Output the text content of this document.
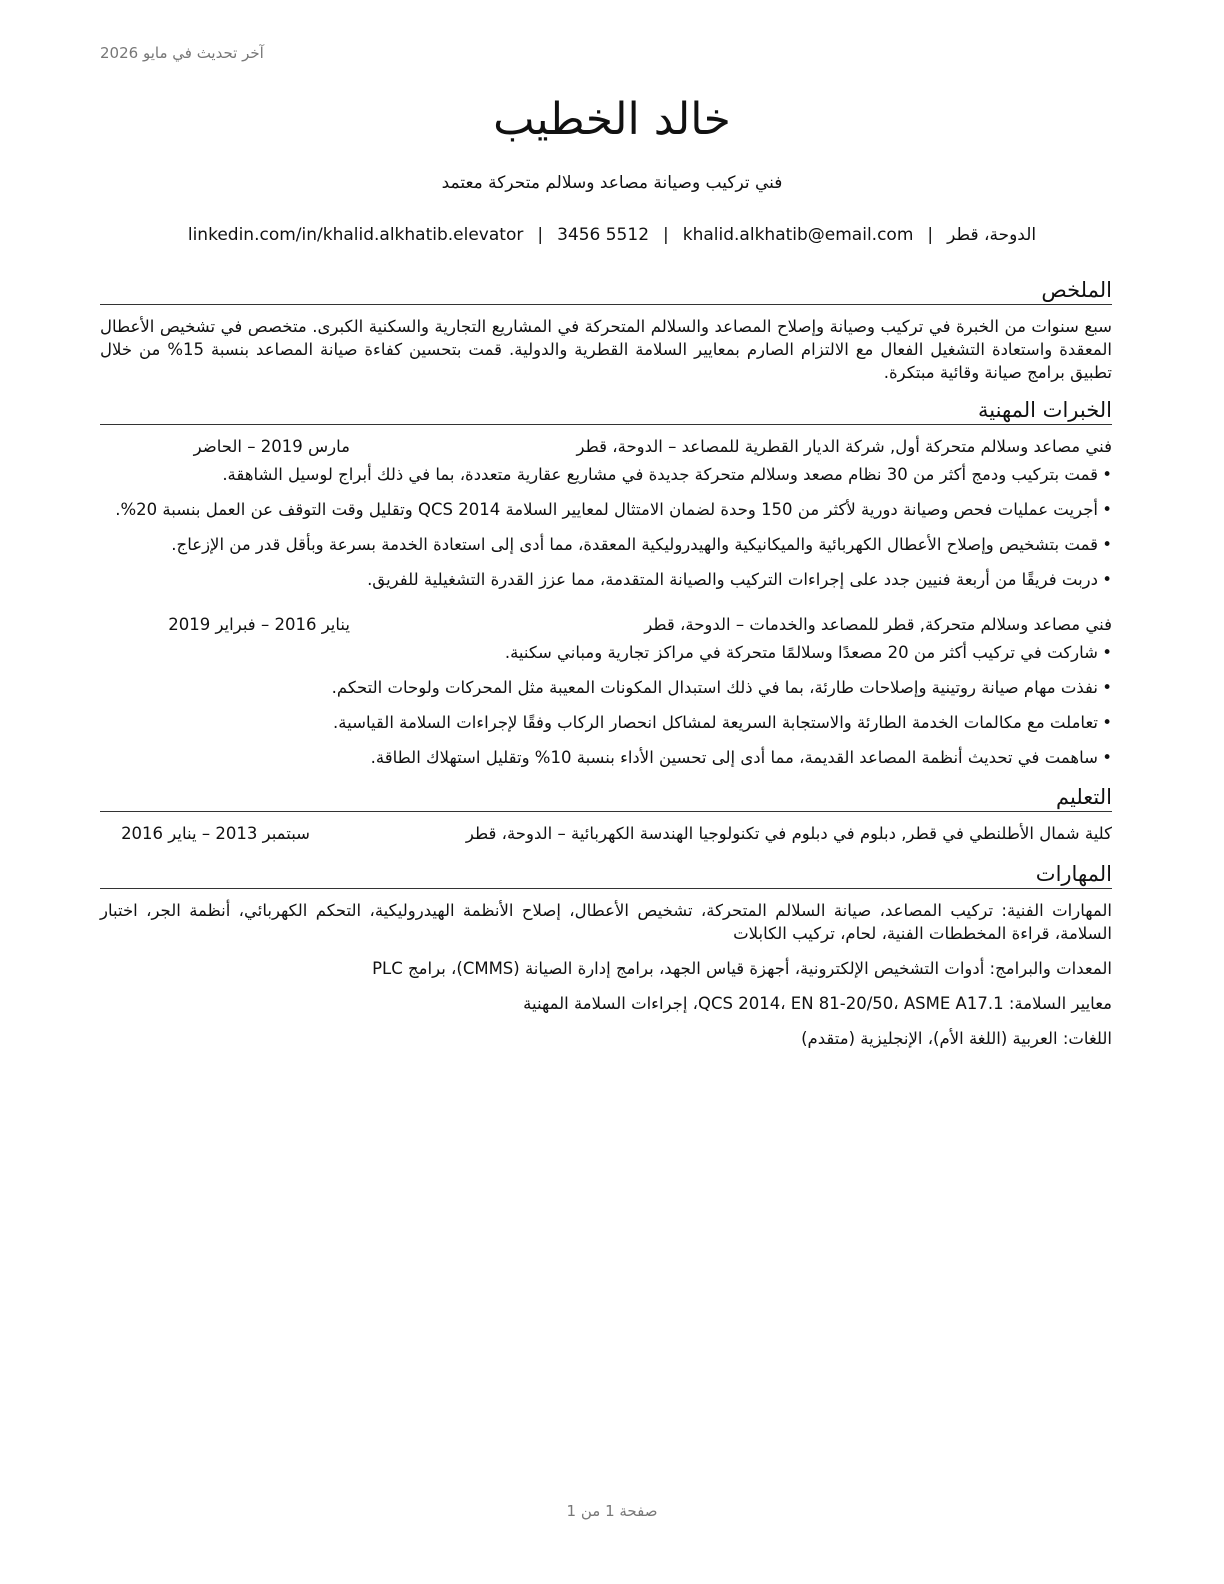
آخر تحديث في مايو 2026
خالد الخطيب
فني تركيب وصيانة مصاعد وسلالم متحركة معتمد
الدوحة، قطر|khalid.alkhatib@email.com|3456 5512|linkedin.com/in/khalid.alkhatib.elevator
الملخص

سبع سنوات من الخبرة في تركيب وصيانة وإصلاح المصاعد والسلالم المتحركة في المشاريع التجارية والسكنية الكبرى. متخصص في تشخيص الأعطال المعقدة واستعادة التشغيل الفعال مع الالتزام الصارم بمعايير السلامة القطرية والدولية. قمت بتحسين كفاءة صيانة المصاعد بنسبة 15% من خلال تطبيق برامج صيانة وقائية مبتكرة.

الخبرات المهنية
فني مصاعد وسلالم متحركة أول, شركة الديار القطرية للمصاعد – الدوحة، قطر
مارس 2019 – الحاضر
• قمت بتركيب ودمج أكثر من 30 نظام مصعد وسلالم متحركة جديدة في مشاريع عقارية متعددة، بما في ذلك أبراج لوسيل الشاهقة.
• أجريت عمليات فحص وصيانة دورية لأكثر من 150 وحدة لضمان الامتثال لمعايير السلامة QCS 2014 وتقليل وقت التوقف عن العمل بنسبة 20%.
• قمت بتشخيص وإصلاح الأعطال الكهربائية والميكانيكية والهيدروليكية المعقدة، مما أدى إلى استعادة الخدمة بسرعة وبأقل قدر من الإزعاج.
• دربت فريقًا من أربعة فنيين جدد على إجراءات التركيب والصيانة المتقدمة، مما عزز القدرة التشغيلية للفريق.
فني مصاعد وسلالم متحركة, قطر للمصاعد والخدمات – الدوحة، قطر
يناير 2016 – فبراير 2019
• شاركت في تركيب أكثر من 20 مصعدًا وسلالمًا متحركة في مراكز تجارية ومباني سكنية.
• نفذت مهام صيانة روتينية وإصلاحات طارئة، بما في ذلك استبدال المكونات المعيبة مثل المحركات ولوحات التحكم.
• تعاملت مع مكالمات الخدمة الطارئة والاستجابة السريعة لمشاكل انحصار الركاب وفقًا لإجراءات السلامة القياسية.
• ساهمت في تحديث أنظمة المصاعد القديمة، مما أدى إلى تحسين الأداء بنسبة 10% وتقليل استهلاك الطاقة.
التعليم
كلية شمال الأطلنطي في قطر, دبلوم في دبلوم في تكنولوجيا الهندسة الكهربائية – الدوحة، قطر
سبتمبر 2013 – يناير 2016
المهارات

المهارات الفنية: تركيب المصاعد، صيانة السلالم المتحركة، تشخيص الأعطال، إصلاح الأنظمة الهيدروليكية، التحكم الكهربائي، أنظمة الجر، اختبار السلامة، قراءة المخططات الفنية، لحام، تركيب الكابلات

المعدات والبرامج: أدوات التشخيص الإلكترونية، أجهزة قياس الجهد، برامج إدارة الصيانة (CMMS)، برامج PLC

معايير السلامة: QCS 2014، EN 81-20/50، ASME A17.1، إجراءات السلامة المهنية

اللغات: العربية (اللغة الأم)، الإنجليزية (متقدم)

صفحة 1 من 1
